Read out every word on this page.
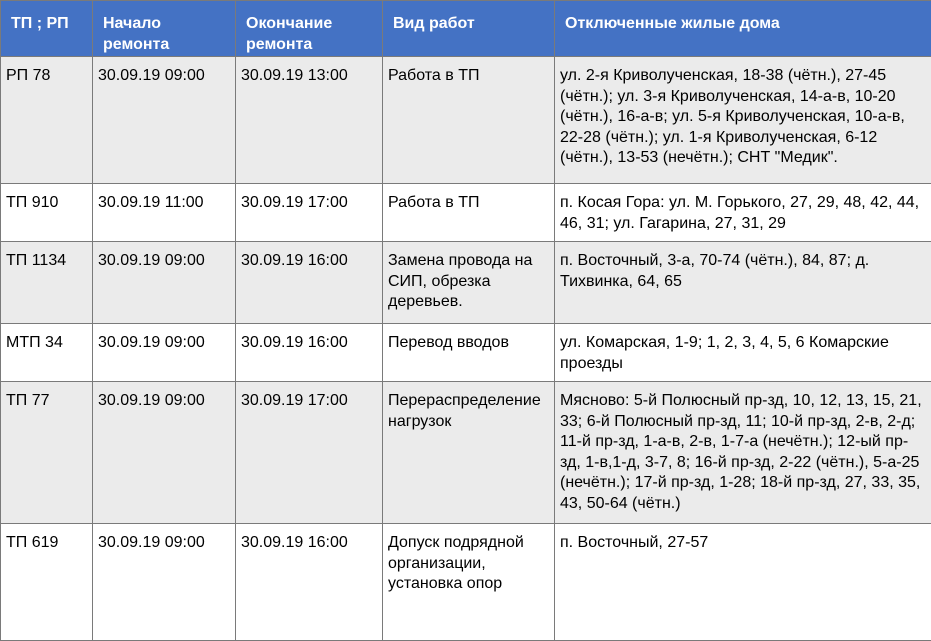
ТП ; РП	Начало ремонта	Окончание ремонта	Вид работ	Отключенные жилые дома
РП 78	30.09.19 09:00	30.09.19 13:00	Работа в ТП	ул. 2-я Криволученская, 18-38 (чётн.), 27-45 (чётн.); ул. 3-я Криволученская, 14-а-в, 10-20 (чётн.), 16-а-в; ул. 5-я Криволученская, 10-а-в, 22-28 (чётн.); ул. 1-я Криволученская, 6-12 (чётн.), 13-53 (нечётн.); СНТ "Медик".
ТП 910	30.09.19 11:00	30.09.19 17:00	Работа в ТП	п. Косая Гора: ул. М. Горького, 27, 29, 48, 42, 44, 46, 31; ул. Гагарина, 27, 31, 29
ТП 1134	30.09.19 09:00	30.09.19 16:00	Замена провода на СИП, обрезка деревьев.	п. Восточный, 3-а, 70-74 (чётн.), 84, 87; д. Тихвинка, 64, 65
МТП 34	30.09.19 09:00	30.09.19 16:00	Перевод вводов	ул. Комарская, 1-9; 1, 2, 3, 4, 5, 6 Комарские проезды
ТП 77	30.09.19 09:00	30.09.19 17:00	Перераспределение нагрузок	Мясново: 5-й Полюсный пр-зд, 10, 12, 13, 15, 21, 33; 6-й Полюсный пр-зд, 11; 10-й пр-зд, 2-в, 2-д; 11-й пр-зд, 1-а-в, 2-в, 1-7-а (нечётн.); 12-ый пр-зд, 1-в,1-д, 3-7, 8; 16-й пр-зд, 2-22 (чётн.), 5-а-25 (нечётн.); 17-й пр-зд, 1-28; 18-й пр-зд, 27, 33, 35, 43, 50-64 (чётн.)
ТП 619	30.09.19 09:00	30.09.19 16:00	Допуск подрядной организации, установка опор	п. Восточный, 27-57
